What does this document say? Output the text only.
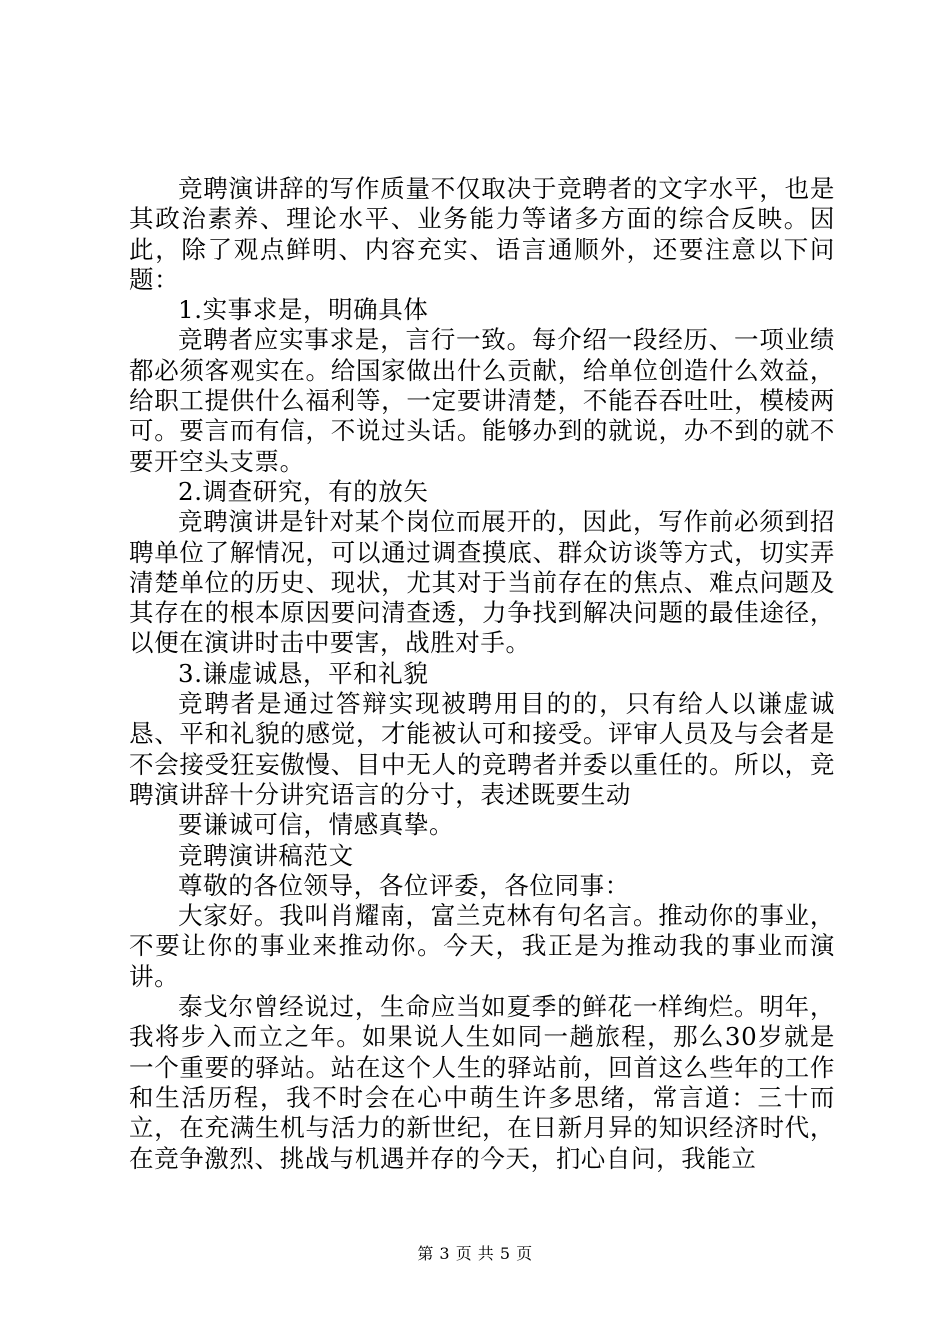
竞聘演讲辞的写作质量不仅取决于竞聘者的文字水平，也是其政治素养、理论水平、业务能力等诸多方面的综合反映。因此，除了观点鲜明、内容充实、语言通顺外，还要注意以下问题：

1.实事求是，明确具体

竞聘者应实事求是，言行一致。每介绍一段经历、一项业绩都必须客观实在。给国家做出什么贡献，给单位创造什么效益，给职工提供什么福利等，一定要讲清楚，不能吞吞吐吐，模棱两可。要言而有信，不说过头话。能够办到的就说，办不到的就不要开空头支票。

2.调查研究，有的放矢

竞聘演讲是针对某个岗位而展开的，因此，写作前必须到招聘单位了解情况，可以通过调查摸底、群众访谈等方式，切实弄清楚单位的历史、现状，尤其对于当前存在的焦点、难点问题及其存在的根本原因要问清查透，力争找到解决问题的最佳途径，以便在演讲时击中要害，战胜对手。

3.谦虚诚恳，平和礼貌

竞聘者是通过答辩实现被聘用目的的，只有给人以谦虚诚恳、平和礼貌的感觉，才能被认可和接受。评审人员及与会者是不会接受狂妄傲慢、目中无人的竞聘者并委以重任的。所以，竞聘演讲辞十分讲究语言的分寸，表述既要生动

要谦诚可信，情感真挚。

竞聘演讲稿范文

尊敬的各位领导，各位评委，各位同事：

大家好。我叫肖耀南，富兰克林有句名言。推动你的事业，不要让你的事业来推动你。今天，我正是为推动我的事业而演讲。

泰戈尔曾经说过，生命应当如夏季的鲜花一样绚烂。明年，我将步入而立之年。如果说人生如同一趟旅程，那么30岁就是一个重要的驿站。站在这个人生的驿站前，回首这么些年的工作和生活历程，我不时会在心中萌生许多思绪，常言道：三十而立，在充满生机与活力的新世纪，在日新月异的知识经济时代，在竞争激烈、挑战与机遇并存的今天，扪心自问，我能立

第 3 页 共 5 页
